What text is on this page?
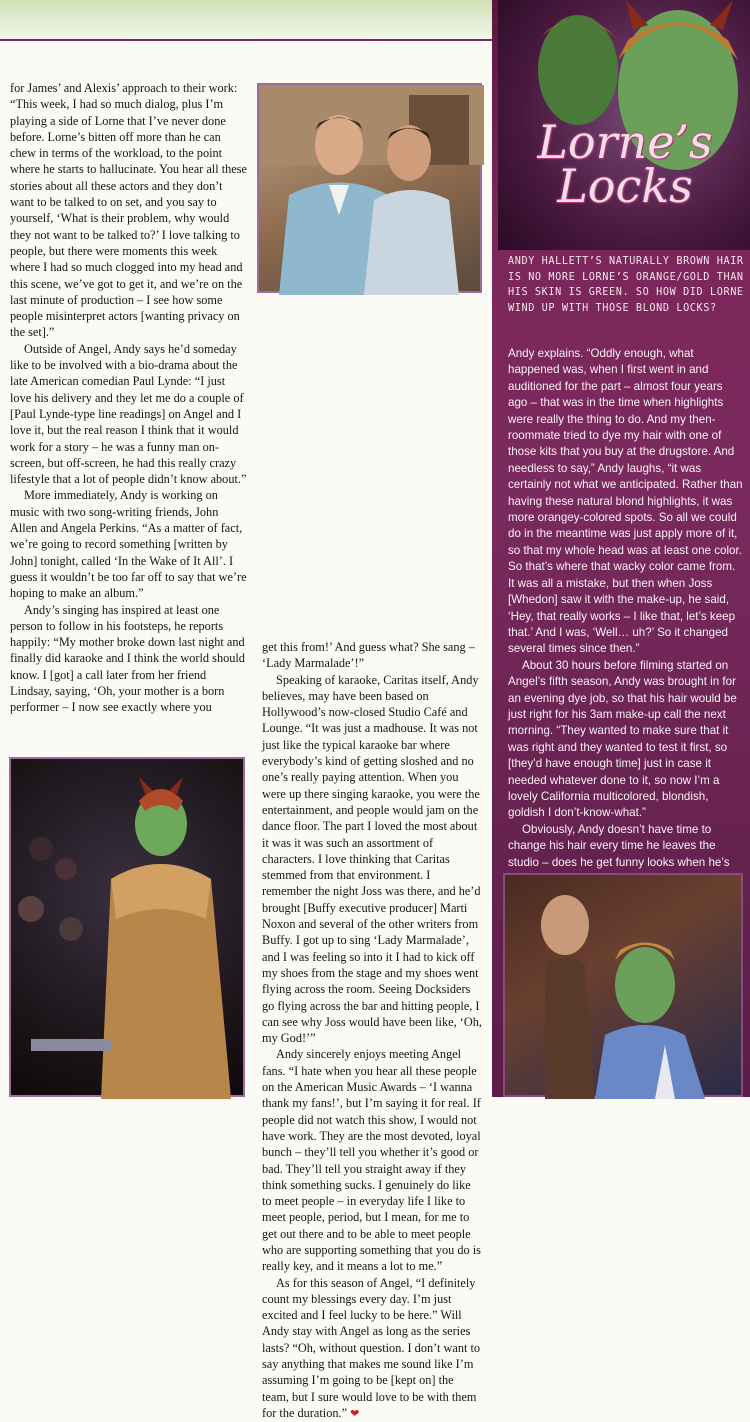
for James’ and Alexis’ approach to their work: “This week, I had so much dialog, plus I’m playing a side of Lorne that I’ve never done before. Lorne’s bitten off more than he can chew in terms of the workload, to the point where he starts to hallucinate. You hear all these stories about all these actors and they don’t want to be talked to on set, and you say to yourself, ‘What is their problem, why would they not want to be talked to?’ I love talking to people, but there were moments this week where I had so much clogged into my head and this scene, we’ve got to get it, and we’re on the last minute of production – I see how some people misinterpret actors [wanting privacy on the set].”

Outside of Angel, Andy says he’d someday like to be involved with a bio-drama about the late American comedian Paul Lynde: “I just love his delivery and they let me do a couple of [Paul Lynde-type line readings] on Angel and I love it, but the real reason I think that it would work for a story – he was a funny man on-screen, but off-screen, he had this really crazy lifestyle that a lot of people didn’t know about.”

More immediately, Andy is working on music with two song-writing friends, John Allen and Angela Perkins. “As a matter of fact, we’re going to record something [written by John] tonight, called ‘In the Wake of It All’. I guess it wouldn’t be too far off to say that we’re hoping to make an album.”

Andy’s singing has inspired at least one person to follow in his footsteps, he reports happily: “My mother broke down last night and finally did karaoke and I think the world should know. I [got] a call later from her friend Lindsay, saying, ‘Oh, your mother is a born performer – I now see exactly where you

get this from!’ And guess what? She sang – ‘Lady Marmalade’!”

Speaking of karaoke, Caritas itself, Andy believes, may have been based on Hollywood’s now-closed Studio Café and Lounge. “It was just a madhouse. It was not just like the typical karaoke bar where everybody’s kind of getting sloshed and no one’s really paying attention. When you were up there singing karaoke, you were the entertainment, and people would jam on the dance floor. The part I loved the most about it was it was such an assortment of characters. I love thinking that Caritas stemmed from that environment. I remember the night Joss was there, and he’d brought [Buffy executive producer] Marti Noxon and several of the other writers from Buffy. I got up to sing ‘Lady Marmalade’, and I was feeling so into it I had to kick off my shoes from the stage and my shoes went flying across the room. Seeing Docksiders go flying across the bar and hitting people, I can see why Joss would have been like, ‘Oh, my God!’”

Andy sincerely enjoys meeting Angel fans. “I hate when you hear all these people on the American Music Awards – ‘I wanna thank my fans!’, but I’m saying it for real. If people did not watch this show, I would not have work. They are the most devoted, loyal bunch – they’ll tell you whether it’s good or bad. They’ll tell you straight away if they think something sucks. I genuinely do like to meet people – in everyday life I like to meet people, period, but I mean, for me to get out there and to be able to meet people who are supporting something that you do is really key, and it means a lot to me.”

As for this season of Angel, “I definitely count my blessings every day. I’m just excited and I feel lucky to be here.” Will Andy stay with Angel as long as the series lasts? “Oh, without question. I don’t want to say anything that makes me sound like I’m assuming I’m going to be [kept on] the team, but I sure would love to be with them for the duration.” ❤

Lorne’s
Locks
ANDY HALLETT’S NATURALLY BROWN HAIR IS NO MORE LORNE’S ORANGE/GOLD THAN HIS SKIN IS GREEN. SO HOW DID LORNE WIND UP WITH THOSE BLOND LOCKS?

Andy explains. “Oddly enough, what happened was, when I first went in and auditioned for the part – almost four years ago – that was in the time when highlights were really the thing to do. And my then-roommate tried to dye my hair with one of those kits that you buy at the drugstore. And needless to say,” Andy laughs, “it was certainly not what we anticipated. Rather than having these natural blond highlights, it was more orangey-colored spots. So all we could do in the meantime was just apply more of it, so that my whole head was at least one color. So that’s where that wacky color came from. It was all a mistake, but then when Joss [Whedon] saw it with the make-up, he said, ‘Hey, that really works – I like that, let’s keep that.’ And I was, ‘Well… uh?’ So it changed several times since then.”

About 30 hours before filming started on Angel’s fifth season, Andy was brought in for an evening dye job, so that his hair would be just right for his 3am make-up call the next morning. “They wanted to make sure that it was right and they wanted to test it first, so [they’d have enough time] just in case it needed whatever done to it, so now I’m a lovely California multicolored, blondish, goldish I don’t-know-what.”

Obviously, Andy doesn’t have time to change his hair every time he leaves the studio – does he get funny looks when he’s
